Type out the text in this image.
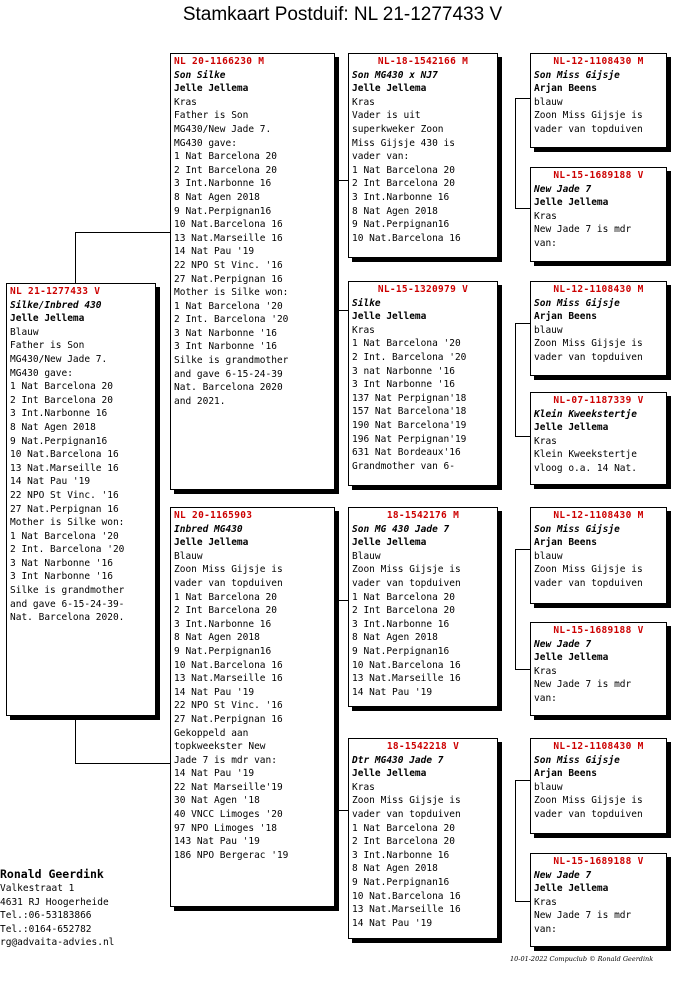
Stamkaart Postduif: NL 21-1277433 V
NL 21-1277433 V
Silke/Inbred 430
Jelle Jellema
Blauw
Father is Son
MG430/New Jade 7.
MG430 gave:
1 Nat Barcelona 20
2 Int Barcelona 20
3 Int.Narbonne 16
8 Nat Agen 2018
9 Nat.Perpignan16
10 Nat.Barcelona 16
13 Nat.Marseille 16
14 Nat Pau '19
22 NPO St Vinc. '16
27 Nat.Perpignan 16
Mother is Silke won:
1 Nat Barcelona '20
2 Int. Barcelona '20
3 Nat Narbonne '16
3 Int Narbonne '16
Silke is grandmother
and gave 6-15-24-39-
Nat. Barcelona 2020.
NL 20-1166230 M
Son Silke
Jelle Jellema
Kras
Father is Son
MG430/New Jade 7.
MG430 gave:
1 Nat Barcelona 20
2 Int Barcelona 20
3 Int.Narbonne 16
8 Nat Agen 2018
9 Nat.Perpignan16
10 Nat.Barcelona 16
13 Nat.Marseille 16
14 Nat Pau '19
22 NPO St Vinc. '16
27 Nat.Perpignan 16
Mother is Silke won:
1 Nat Barcelona '20
2 Int. Barcelona '20
3 Nat Narbonne '16
3 Int Narbonne '16
Silke is grandmother
and gave 6-15-24-39
Nat. Barcelona 2020
and 2021.
NL 20-1165903
Inbred MG430
Jelle Jellema
Blauw
Zoon Miss Gijsje is
vader van topduiven
1 Nat Barcelona 20
2 Int Barcelona 20
3 Int.Narbonne 16
8 Nat Agen 2018
9 Nat.Perpignan16
10 Nat.Barcelona 16
13 Nat.Marseille 16
14 Nat Pau '19
22 NPO St Vinc. '16
27 Nat.Perpignan 16
Gekoppeld aan
topkweekster New
Jade 7 is mdr van:
14 Nat Pau '19
22 Nat Marseille'19
30 Nat Agen '18
40 VNCC Limoges '20
97 NPO Limoges '18
143 Nat Pau '19
186 NPO Bergerac '19
NL-18-1542166 M
Son MG430 x NJ7
Jelle Jellema
Kras
Vader is uit
superkweker Zoon
Miss Gijsje 430 is
vader van:
1 Nat Barcelona 20
2 Int Barcelona 20
3 Int.Narbonne 16
8 Nat Agen 2018
9 Nat.Perpignan16
10 Nat.Barcelona 16
NL-15-1320979 V
Silke
Jelle Jellema
Kras
1 Nat Barcelona '20
2 Int. Barcelona '20
3 nat Narbonne '16
3 Int Narbonne '16
137 Nat Perpignan'18
157 Nat Barcelona'18
190 Nat Barcelona'19
196 Nat Perpignan'19
631 Nat Bordeaux'16
Grandmother van 6-
18-1542176 M
Son MG 430 Jade 7
Jelle Jellema
Blauw
Zoon Miss Gijsje is
vader van topduiven
1 Nat Barcelona 20
2 Int Barcelona 20
3 Int.Narbonne 16
8 Nat Agen 2018
9 Nat.Perpignan16
10 Nat.Barcelona 16
13 Nat.Marseille 16
14 Nat Pau '19
18-1542218 V
Dtr MG430 Jade 7
Jelle Jellema
Kras
Zoon Miss Gijsje is
vader van topduiven
1 Nat Barcelona 20
2 Int Barcelona 20
3 Int.Narbonne 16
8 Nat Agen 2018
9 Nat.Perpignan16
10 Nat.Barcelona 16
13 Nat.Marseille 16
14 Nat Pau '19
NL-12-1108430 M
Son Miss Gijsje
Arjan Beens
blauw
Zoon Miss Gijsje is
vader van topduiven
NL-15-1689188 V
New Jade 7
Jelle Jellema
Kras
New Jade 7 is mdr
van:
NL-12-1108430 M
Son Miss Gijsje
Arjan Beens
blauw
Zoon Miss Gijsje is
vader van topduiven
NL-07-1187339 V
Klein Kweekstertje
Jelle Jellema
Kras
Klein Kweekstertje
vloog o.a. 14 Nat.
NL-12-1108430 M
Son Miss Gijsje
Arjan Beens
blauw
Zoon Miss Gijsje is
vader van topduiven
NL-15-1689188 V
New Jade 7
Jelle Jellema
Kras
New Jade 7 is mdr
van:
NL-12-1108430 M
Son Miss Gijsje
Arjan Beens
blauw
Zoon Miss Gijsje is
vader van topduiven
NL-15-1689188 V
New Jade 7
Jelle Jellema
Kras
New Jade 7 is mdr
van:
Ronald Geerdink
Valkestraat 1
4631 RJ Hoogerheide
Tel.:06-53183866
Tel.:0164-652782
rg@advaita-advies.nl
10-01-2022 Compuclub © Ronald Geerdink
